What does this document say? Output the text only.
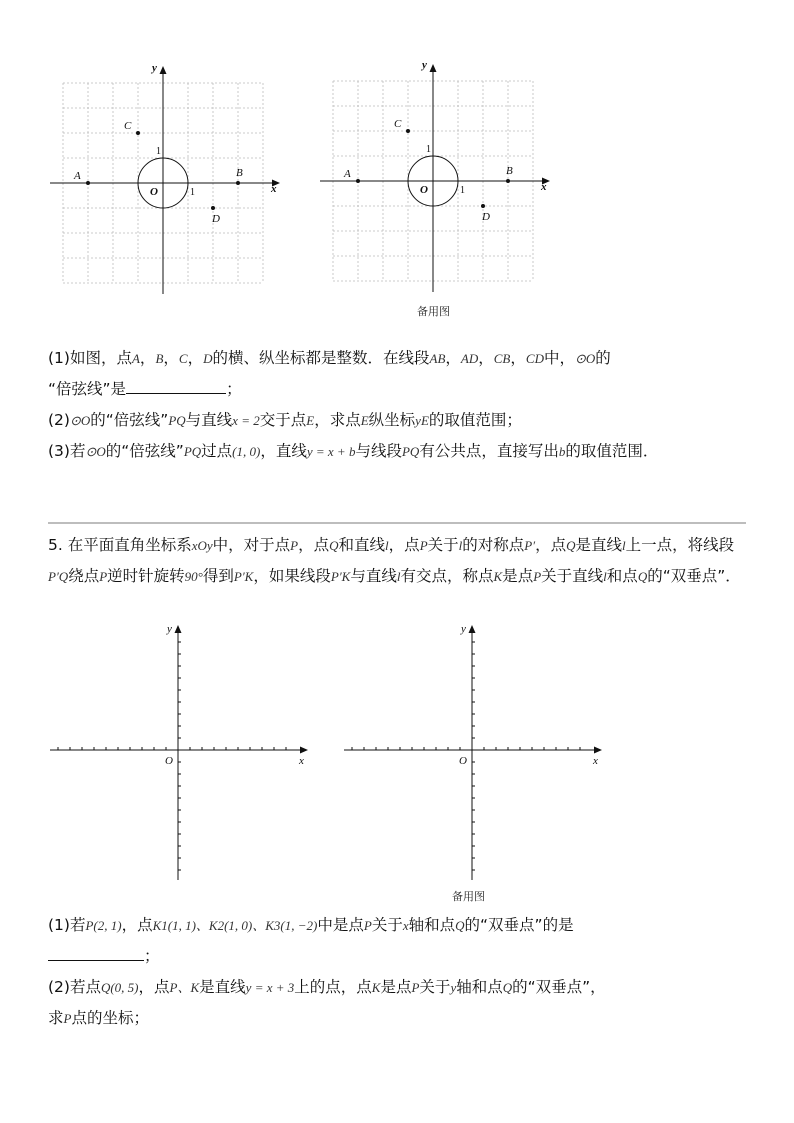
x
y
O	1
1
A	B
C
D
x
y
O	1
1
A	B
C
D
备用图

(1)如图，点A，B，C，D的横、纵坐标都是整数．在线段AB，AD，CB，CD中，⊙O的

“倍弦线”是	；

(2)⊙O的“倍弦线”PQ与直线x = 2交于点E，求点E纵坐标yE的取值范围；

(3)若⊙O的“倍弦线”PQ过点(1, 0)，直线y = x + b与线段PQ有公共点，直接写出b的取值范围．

5. 在平面直角坐标系xOy中，对于点P，点Q和直线l，点P关于l的对称点P′，点Q是直线l上一点，将线段P′Q绕点P逆时针旋转90°得到P′K，如果线段P′K与直线l有交点，称点K是点P关于直线l和点Q的“双垂点”．

x
y
O	x
y
O
备用图

(1)若P(2, 1)，点K1(1, 1)、K2(1, 0)、K3(1, −2)中是点P关于x轴和点Q的“双垂点”的是

；

(2)若点Q(0, 5)，点P、K是直线y = x + 3上的点，点K是点P关于y轴和点Q的“双垂点”，

求P点的坐标；
